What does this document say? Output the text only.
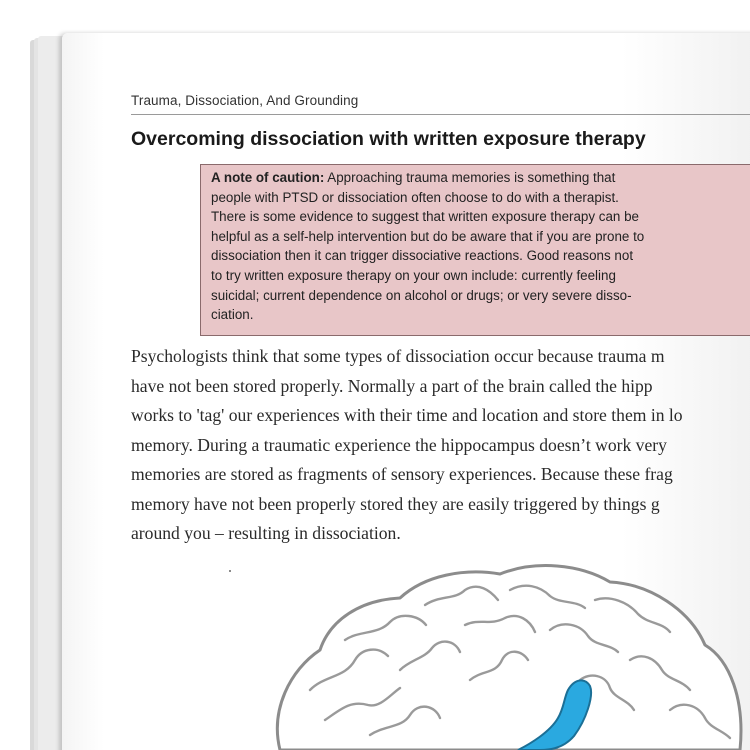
Trauma, Dissociation, And Grounding
Overcoming dissociation with written exposure therapy
A note of caution: Approaching trauma memories is something that
people with PTSD or dissociation often choose to do with a therapist.
There is some evidence to suggest that written exposure therapy can be
helpful as a self-help intervention but do be aware that if you are prone to
dissociation then it can trigger dissociative reactions. Good reasons not
to try written exposure therapy on your own include: currently feeling
suicidal; current dependence on alcohol or drugs; or very severe disso-
ciation.
Psychologists think that some types of dissociation occur because trauma m
have not been stored properly. Normally a part of the brain called the hipp
works to 'tag' our experiences with their time and location and store them in lo
memory. During a traumatic experience the hippocampus doesn’t work very
memories are stored as fragments of sensory experiences. Because these frag
memory have not been properly stored they are easily triggered by things g
around you – resulting in dissociation.
